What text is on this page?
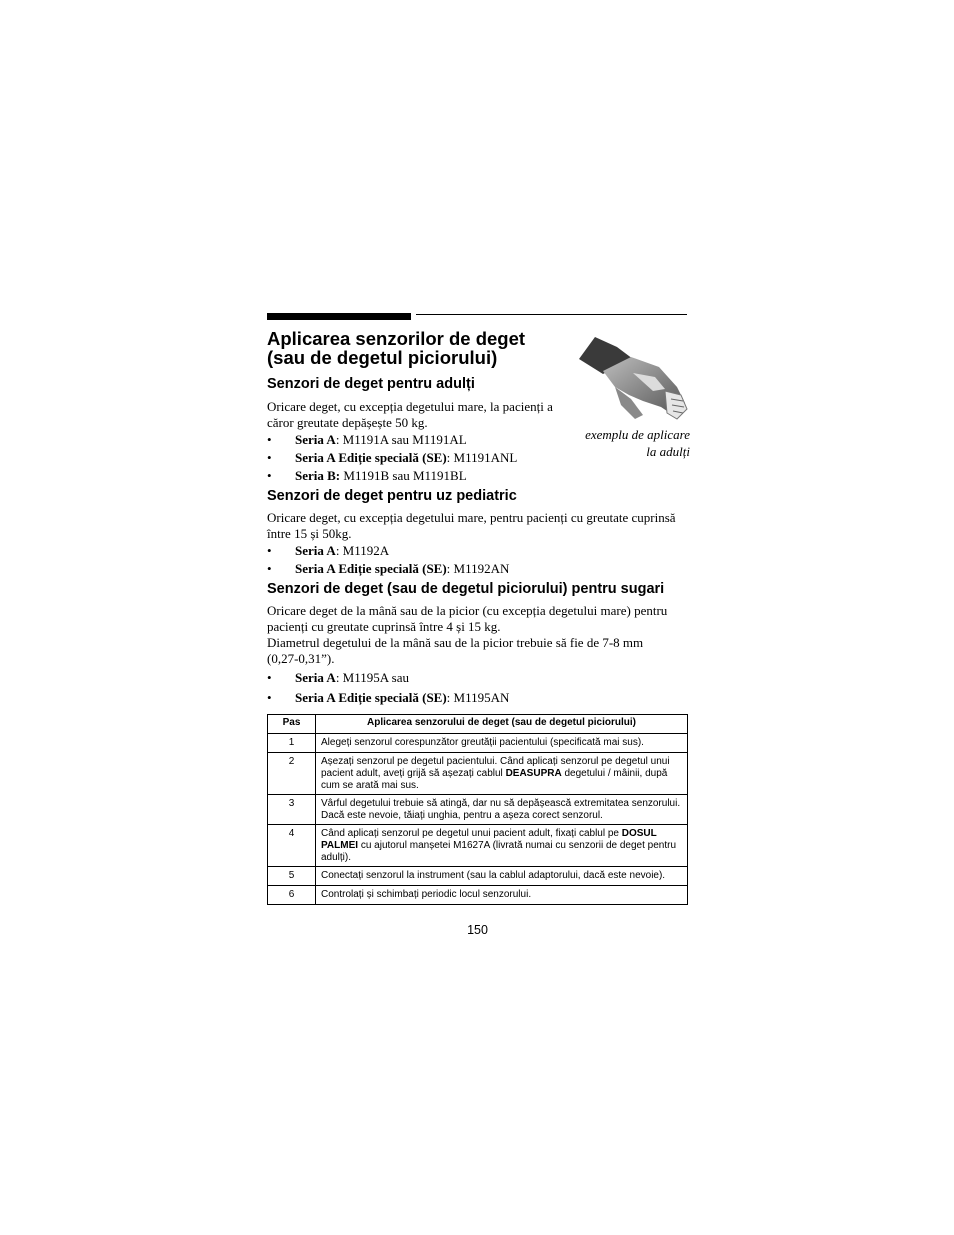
Aplicarea senzorilor de deget
(sau de degetul piciorului)
exemplu de aplicare
la adulți
Senzori de deget pentru adulți
Oricare deget, cu excepția degetului mare, la pacienți a
căror greutate depășește 50 kg.
• Seria A: M1191A sau M1191AL
• Seria A Ediție specială (SE): M1191ANL
• Seria B: M1191B sau M1191BL
Senzori de deget pentru uz pediatric
Oricare deget, cu excepția degetului mare, pentru pacienți cu greutate cuprinsă
între 15 și 50kg.
• Seria A: M1192A
• Seria A Ediție specială (SE): M1192AN
Senzori de deget (sau de degetul piciorului) pentru sugari
Oricare deget de la mână sau de la picior (cu excepția degetului mare) pentru
pacienți cu greutate cuprinsă între 4 și 15 kg.
Diametrul degetului de la mână sau de la picior trebuie să fie de 7-8 mm
(0,27-0,31”).
• Seria A: M1195A sau
• Seria A Ediție specială (SE): M1195AN
Pas	Aplicarea senzorului de deget (sau de degetul piciorului)
1	Alegeți senzorul corespunzător greutății pacientului (specificată mai sus).
2	Așezați senzorul pe degetul pacientului. Când aplicați senzorul pe degetul unui pacient adult, aveți grijă să așezați cablul DEASUPRA degetului / mâinii, după cum se arată mai sus.
3	Vârful degetului trebuie să atingă, dar nu să depășească extremitatea senzorului. Dacă este nevoie, tăiați unghia, pentru a așeza corect senzorul.
4	Când aplicați senzorul pe degetul unui pacient adult, fixați cablul pe DOSUL PALMEI cu ajutorul manșetei M1627A (livrată numai cu senzorii de deget pentru adulți).
5	Conectați senzorul la instrument (sau la cablul adaptorului, dacă este nevoie).
6	Controlați și schimbați periodic locul senzorului.
150
